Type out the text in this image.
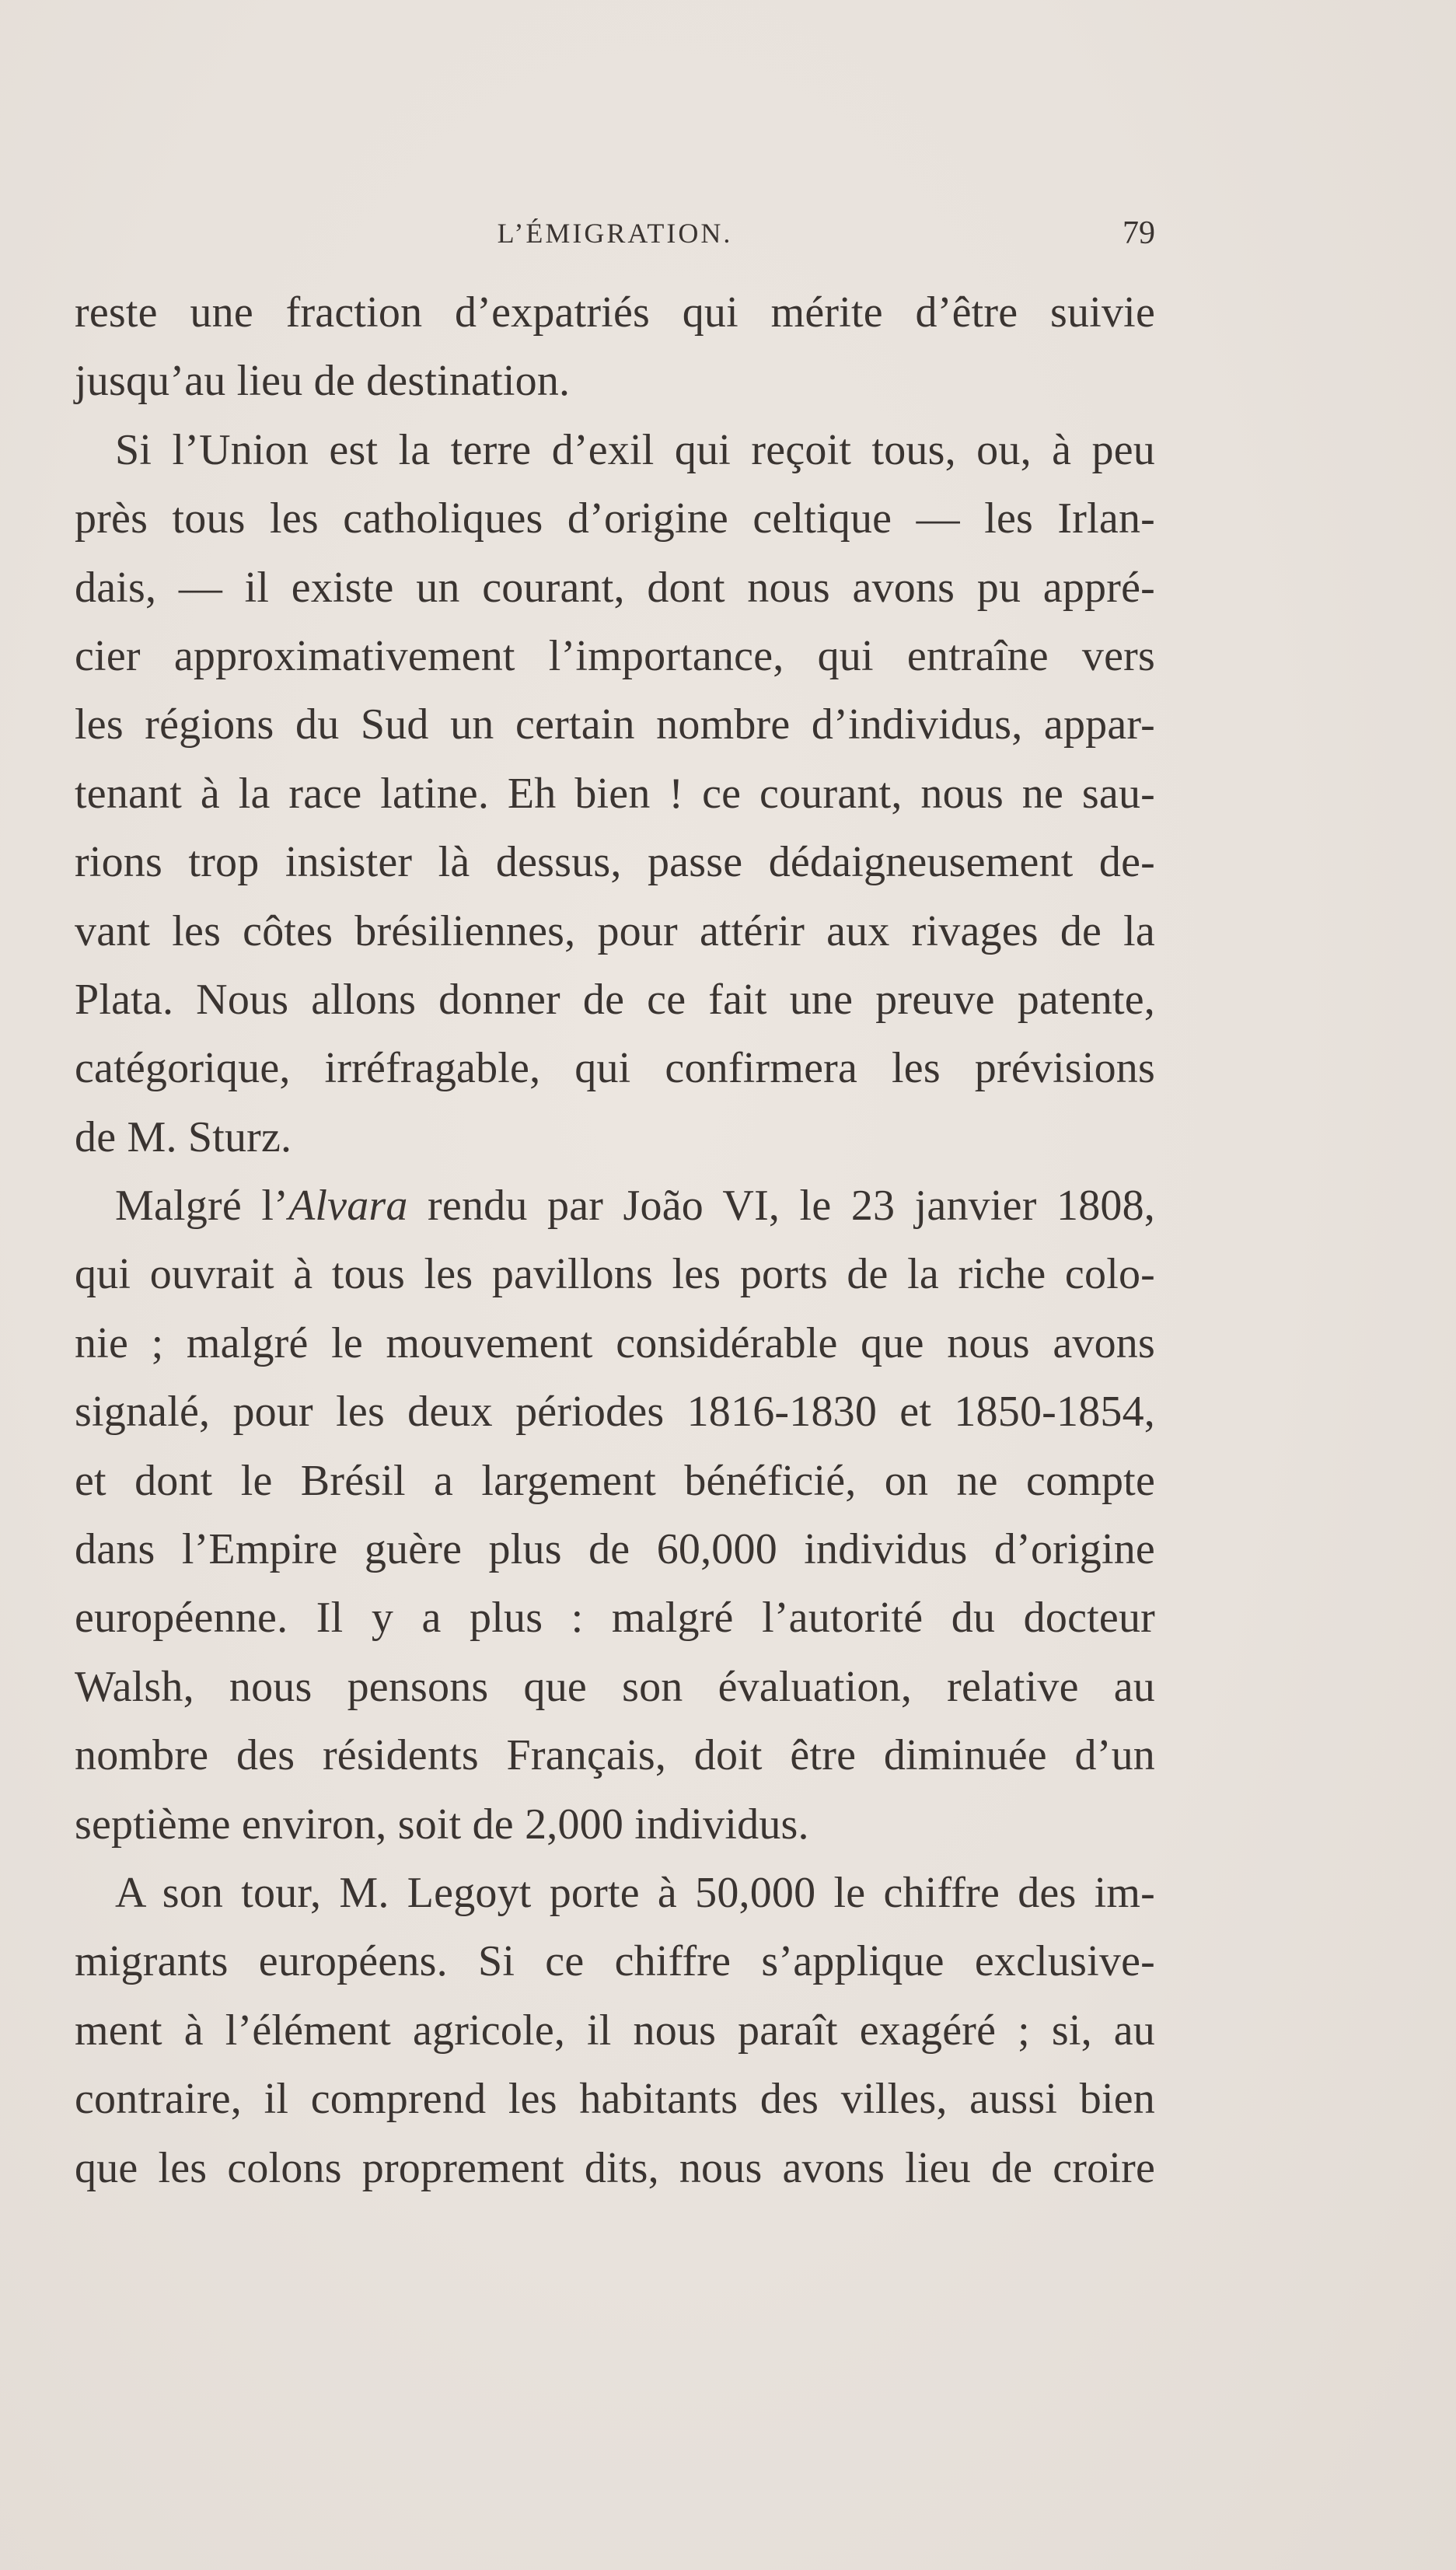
L’ÉMIGRATION.	79
reste une fraction d’expatriés qui mérite d’être suivie
jusqu’au lieu de destination.
Si l’Union est la terre d’exil qui reçoit tous, ou, à peu
près tous les catholiques d’origine celtique — les Irlan-
dais, — il existe un courant, dont nous avons pu appré-
cier approximativement l’importance, qui entraîne vers
les régions du Sud un certain nombre d’individus, appar-
tenant à la race latine. Eh bien ! ce courant, nous ne sau-
rions trop insister là dessus, passe dédaigneusement de-
vant les côtes brésiliennes, pour attérir aux rivages de la
Plata. Nous allons donner de ce fait une preuve patente,
catégorique, irréfragable, qui confirmera les prévisions
de M. Sturz.
Malgré l’Alvara rendu par João VI, le 23 janvier 1808,
qui ouvrait à tous les pavillons les ports de la riche colo-
nie ; malgré le mouvement considérable que nous avons
signalé, pour les deux périodes 1816-1830 et 1850-1854,
et dont le Brésil a largement bénéficié, on ne compte
dans l’Empire guère plus de 60,000 individus d’origine
européenne. Il y a plus : malgré l’autorité du docteur
Walsh, nous pensons que son évaluation, relative au
nombre des résidents Français, doit être diminuée d’un
septième environ, soit de 2,000 individus.
A son tour, M. Legoyt porte à 50,000 le chiffre des im-
migrants européens. Si ce chiffre s’applique exclusive-
ment à l’élément agricole, il nous paraît exagéré ; si, au
contraire, il comprend les habitants des villes, aussi bien
que les colons proprement dits, nous avons lieu de croire
